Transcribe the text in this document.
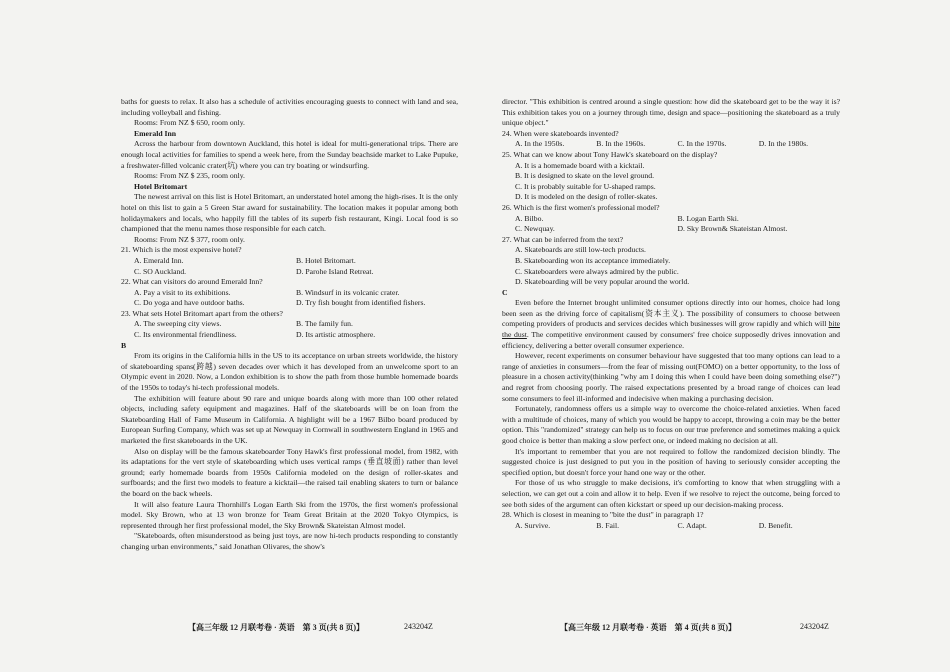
baths for guests to relax. It also has a schedule of activities encouraging guests to connect with land and sea, including volleyball and fishing.

Rooms: From NZ $ 650, room only.

Emerald Inn

Across the harbour from downtown Auckland, this hotel is ideal for multi-generational trips. There are enough local activities for families to spend a week here, from the Sunday beachside market to Lake Pupuke, a freshwater-filled volcanic crater(坑) where you can try boating or windsurfing.

Rooms: From NZ $ 235, room only.

Hotel Britomart

The newest arrival on this list is Hotel Britomart, an understated hotel among the high-rises. It is the only hotel on this list to gain a 5 Green Star award for sustainability. The location makes it popular among both holidaymakers and locals, who happily fill the tables of its superb fish restaurant, Kingi. Local food is so championed that the menu names those responsible for each catch.

Rooms: From NZ $ 377, room only.

21. Which is the most expensive hotel?

A. Emerald Inn.	B. Hotel Britomart.
C. SO Auckland.	D. Parohe Island Retreat.

22. What can visitors do around Emerald Inn?

A. Pay a visit to its exhibitions.	B. Windsurf in its volcanic crater.
C. Do yoga and have outdoor baths.	D. Try fish bought from identified fishers.

23. What sets Hotel Britomart apart from the others?

A. The sweeping city views.	B. The family fun.
C. Its environmental friendliness.	D. Its artistic atmosphere.

B

From its origins in the California hills in the US to its acceptance on urban streets worldwide, the history of skateboarding spans(跨越) seven decades over which it has developed from an unwelcome sport to an Olympic event in 2020. Now, a London exhibition is to show the path from those humble homemade boards of the 1950s to today's hi-tech professional models.

The exhibition will feature about 90 rare and unique boards along with more than 100 other related objects, including safety equipment and magazines. Half of the skateboards will be on loan from the Skateboarding Hall of Fame Museum in California. A highlight will be a 1967 Bilbo board produced by European Surfing Company, which was set up at Newquay in Cornwall in southwestern England in 1965 and marketed the first skateboards in the UK.

Also on display will be the famous skateboarder Tony Hawk's first professional model, from 1982, with its adaptations for the vert style of skateboarding which uses vertical ramps (垂直坡面) rather than level ground; early homemade boards from 1950s California modeled on the design of roller-skates and surfboards; and the first two models to feature a kicktail—the raised tail enabling skaters to turn or balance the board on the back wheels.

It will also feature Laura Thornhill's Logan Earth Ski from the 1970s, the first women's professional model. Sky Brown, who at 13 won bronze for Team Great Britain at the 2020 Tokyo Olympics, is represented through her first professional model, the Sky Brown& Skateistan Almost model.

"Skateboards, often misunderstood as being just toys, are now hi-tech products responding to constantly changing urban environments," said Jonathan Olivares, the show's

【高三年级 12 月联考卷 · 英语　第 3 页(共 8 页)】	243204Z

director. "This exhibition is centred around a single question: how did the skateboard get to be the way it is? This exhibition takes you on a journey through time, design and space—positioning the skateboard as a truly unique object."

24. When were skateboards invented?

A. In the 1950s.	B. In the 1960s.	C. In the 1970s.	D. In the 1980s.

25. What can we know about Tony Hawk's skateboard on the display?

A. It is a homemade board with a kicktail.
B. It is designed to skate on the level ground.
C. It is probably suitable for U-shaped ramps.
D. It is modeled on the design of roller-skates.

26. Which is the first women's professional model?

A. Bilbo.	B. Logan Earth Ski.
C. Newquay.	D. Sky Brown& Skateistan Almost.

27. What can be inferred from the text?

A. Skateboards are still low-tech products.
B. Skateboarding won its acceptance immediately.
C. Skateboarders were always admired by the public.
D. Skateboarding will be very popular around the world.

C

Even before the Internet brought unlimited consumer options directly into our homes, choice had long been seen as the driving force of capitalism(资本主义). The possibility of consumers to choose between competing providers of products and services decides which businesses will grow rapidly and which will bite the dust. The competitive environment caused by consumers' free choice supposedly drives innovation and efficiency, delivering a better overall consumer experience.

However, recent experiments on consumer behaviour have suggested that too many options can lead to a range of anxieties in consumers—from the fear of missing out(FOMO) on a better opportunity, to the loss of pleasure in a chosen activity(thinking "why am I doing this when I could have been doing something else?") and regret from choosing poorly. The raised expectations presented by a broad range of choices can lead some consumers to feel ill-informed and indecisive when making a purchasing decision.

Fortunately, randomness offers us a simple way to overcome the choice-related anxieties. When faced with a multitude of choices, many of which you would be happy to accept, throwing a coin may be the better option. This "randomized" strategy can help us to focus on our true preference and sometimes making a quick good choice is better than making a slow perfect one, or indeed making no decision at all.

It's important to remember that you are not required to follow the randomized decision blindly. The suggested choice is just designed to put you in the position of having to seriously consider accepting the specified option, but doesn't force your hand one way or the other.

For those of us who struggle to make decisions, it's comforting to know that when struggling with a selection, we can get out a coin and allow it to help. Even if we resolve to reject the outcome, being forced to see both sides of the argument can often kickstart or speed up our decision-making process.

28. Which is closest in meaning to "bite the dust" in paragraph 1?

A. Survive.	B. Fail.	C. Adapt.	D. Benefit.
【高三年级 12 月联考卷 · 英语　第 4 页(共 8 页)】	243204Z
